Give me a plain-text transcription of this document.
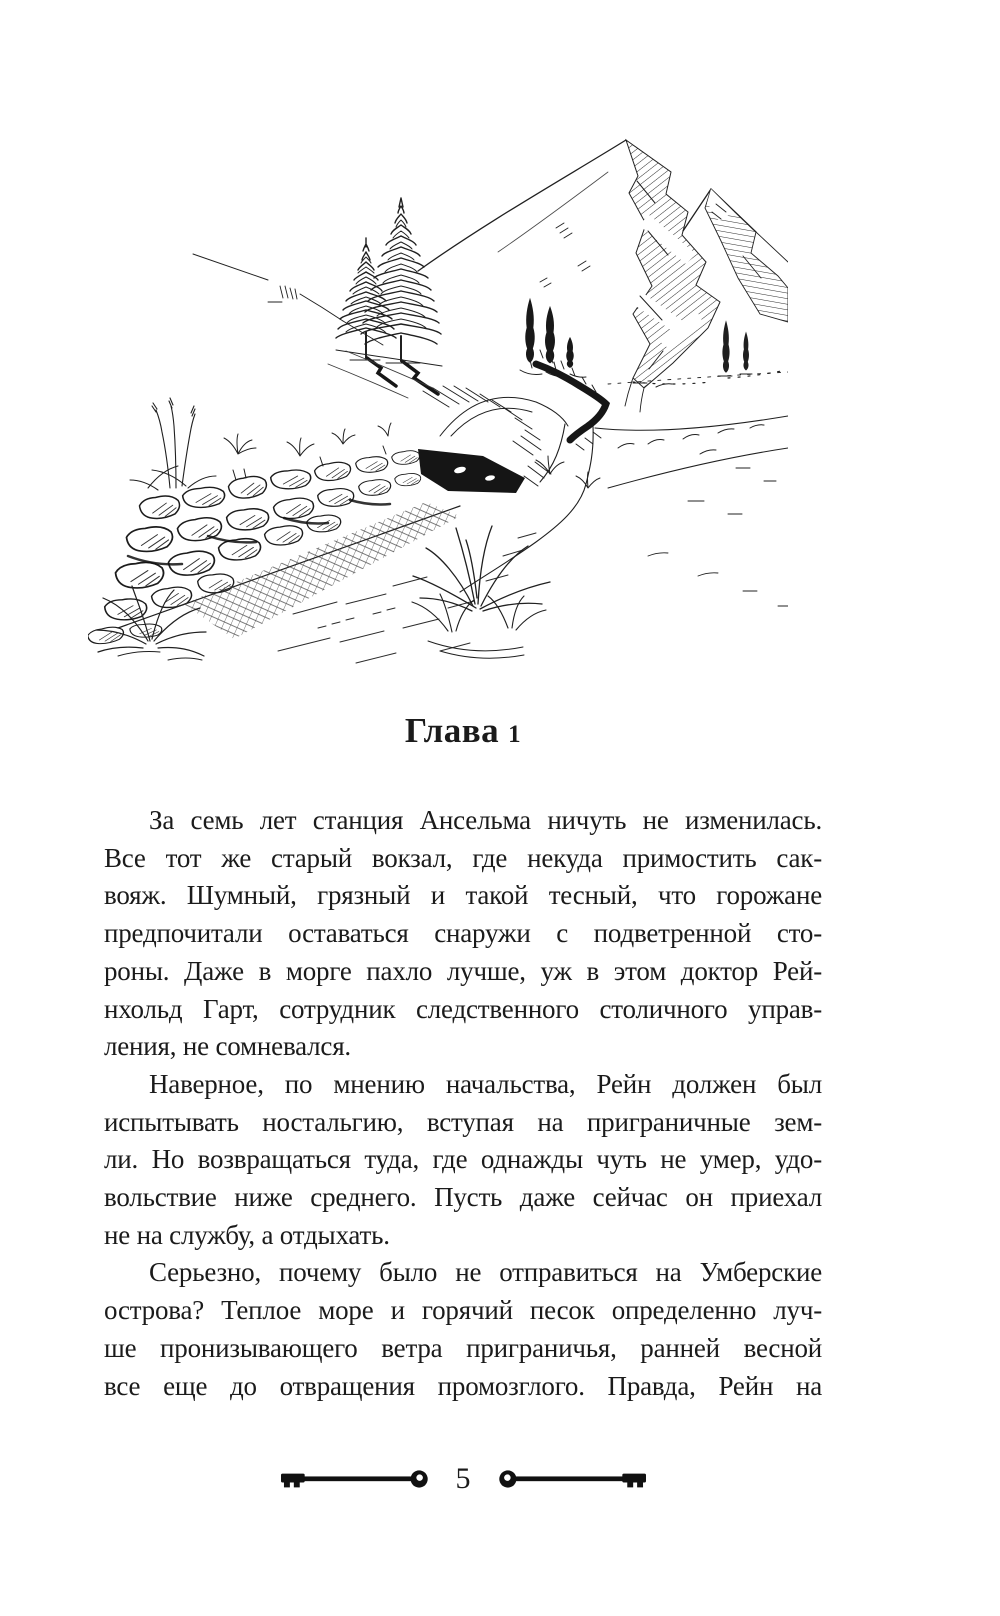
Глава 1
За семь лет станция Ансельма ничуть не изменилась.
Все тот же старый вокзал, где некуда примостить сак-
вояж. Шумный, грязный и такой тесный, что горожане
предпочитали оставаться снаружи с подветренной сто-
роны. Даже в морге пахло лучше, уж в этом доктор Рей-
нхольд Гарт, сотрудник следственного столичного управ-
ления, не сомневался.
Наверное, по мнению начальства, Рейн должен был
испытывать ностальгию, вступая на приграничные зем-
ли. Но возвращаться туда, где однажды чуть не умер, удо-
вольствие ниже среднего. Пусть даже сейчас он приехал
не на службу, а отдыхать.
Серьезно, почему было не отправиться на Умберские
острова? Теплое море и горячий песок определенно луч-
ше пронизывающего ветра приграничья, ранней весной
все еще до отвращения промозглого. Правда, Рейн на
5
